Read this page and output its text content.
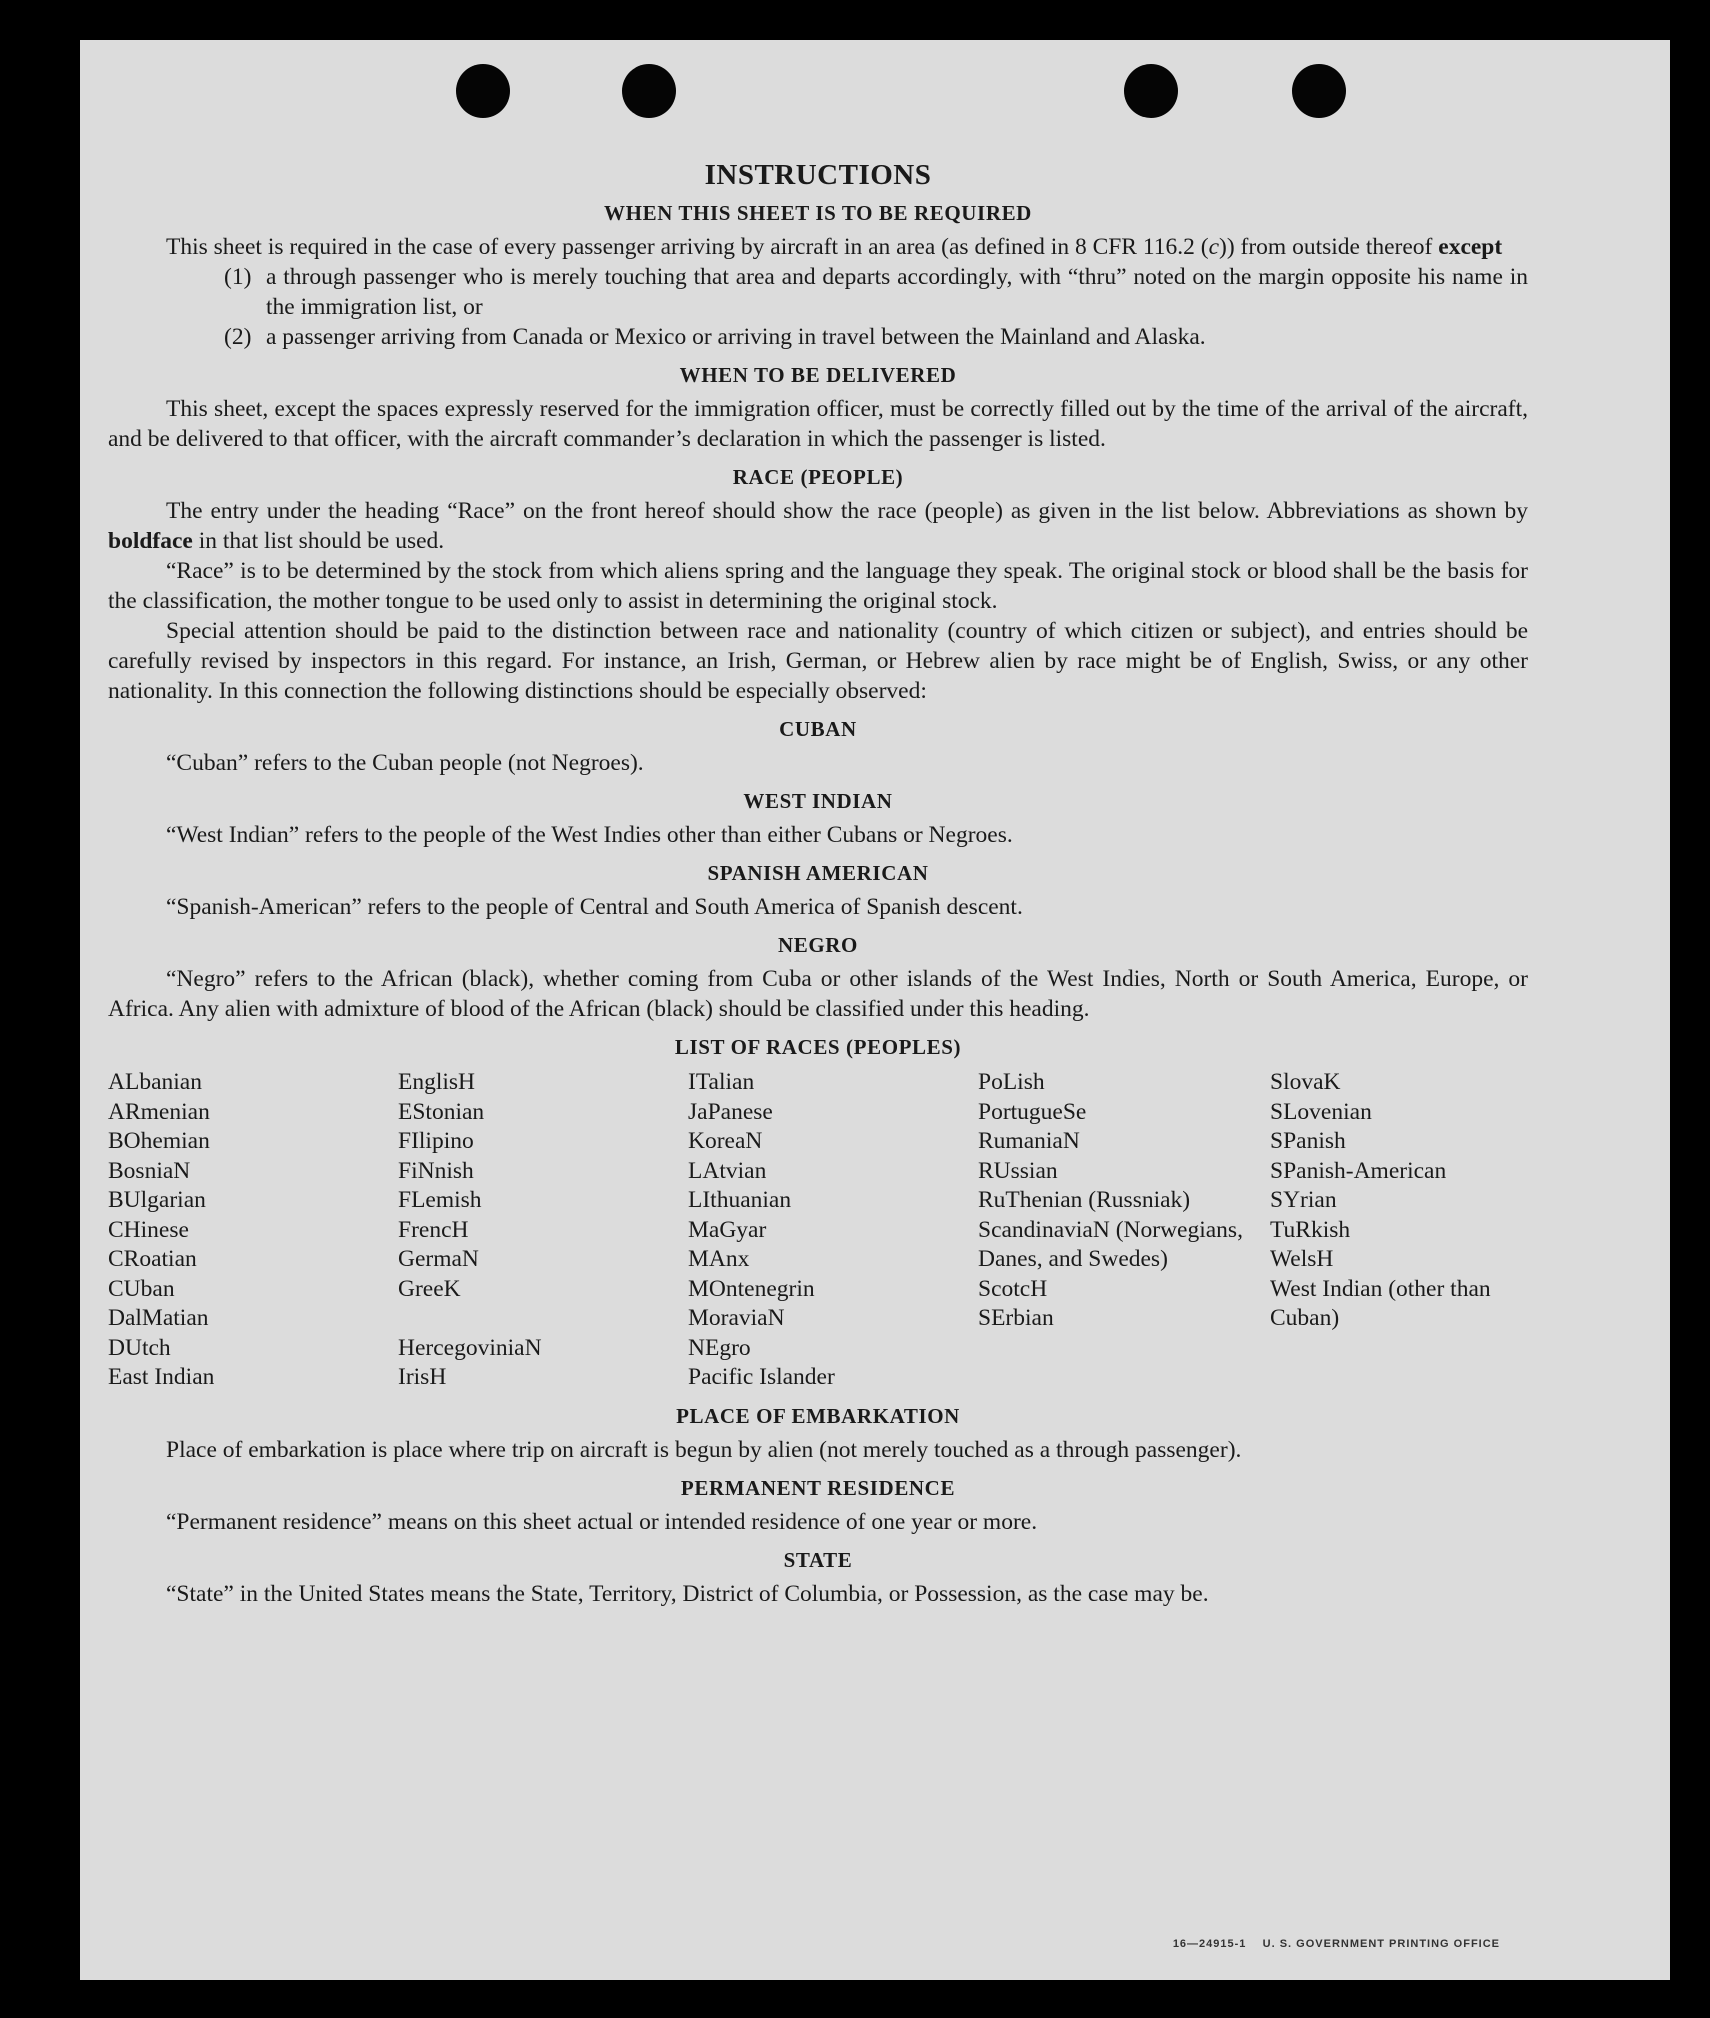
INSTRUCTIONS
WHEN THIS SHEET IS TO BE REQUIRED

This sheet is required in the case of every passenger arriving by aircraft in an area (as defined in 8 CFR 116.2 (c)) from outside thereof except

(1) a through passenger who is merely touching that area and departs accordingly, with “thru” noted on the margin opposite his name in the immigration list, or
(2) a passenger arriving from Canada or Mexico or arriving in travel between the Mainland and Alaska.
WHEN TO BE DELIVERED

This sheet, except the spaces expressly reserved for the immigration officer, must be correctly filled out by the time of the arrival of the aircraft, and be delivered to that officer, with the aircraft commander’s declaration in which the passenger is listed.

RACE (PEOPLE)

The entry under the heading “Race” on the front hereof should show the race (people) as given in the list below. Abbreviations as shown by boldface in that list should be used.

“Race” is to be determined by the stock from which aliens spring and the language they speak. The original stock or blood shall be the basis for the classification, the mother tongue to be used only to assist in determining the original stock.

Special attention should be paid to the distinction between race and nationality (country of which citizen or subject), and entries should be carefully revised by inspectors in this regard. For instance, an Irish, German, or Hebrew alien by race might be of English, Swiss, or any other nationality. In this connection the following distinctions should be especially observed:

CUBAN

“Cuban” refers to the Cuban people (not Negroes).

WEST INDIAN

“West Indian” refers to the people of the West Indies other than either Cubans or Negroes.

SPANISH AMERICAN

“Spanish-American” refers to the people of Central and South America of Spanish descent.

NEGRO

“Negro” refers to the African (black), whether coming from Cuba or other islands of the West Indies, North or South America, Europe, or Africa. Any alien with admixture of blood of the African (black) should be classified under this heading.

LIST OF RACES (PEOPLES)
ALbanian
ARmenian
BOhemian
BosniaN
BUlgarian
CHinese
CRoatian
CUban
DalMatian
DUtch
East Indian
EnglisH
EStonian
FIlipino
FiNnish
FLemish
FrencH
GermaN
GreeK

HercegoviniaN
IrisH
ITalian
JaPanese
KoreaN
LAtvian
LIthuanian
MaGyar
MAnx
MOntenegrin
MoraviaN
NEgro
Pacific Islander
PoLish
PortugueSe
RumaniaN
RUssian
RuThenian (Russniak)
ScandinaviaN (Norwegians, Danes, and Swedes)
ScotcH
SErbian
SlovaK
SLovenian
SPanish
SPanish-American
SYrian
TuRkish
WelsH
West Indian (other than Cuban)
PLACE OF EMBARKATION

Place of embarkation is place where trip on aircraft is begun by alien (not merely touched as a through passenger).

PERMANENT RESIDENCE

“Permanent residence” means on this sheet actual or intended residence of one year or more.

STATE

“State” in the United States means the State, Territory, District of Columbia, or Possession, as the case may be.

16—24915-1 U. S. GOVERNMENT PRINTING OFFICE
